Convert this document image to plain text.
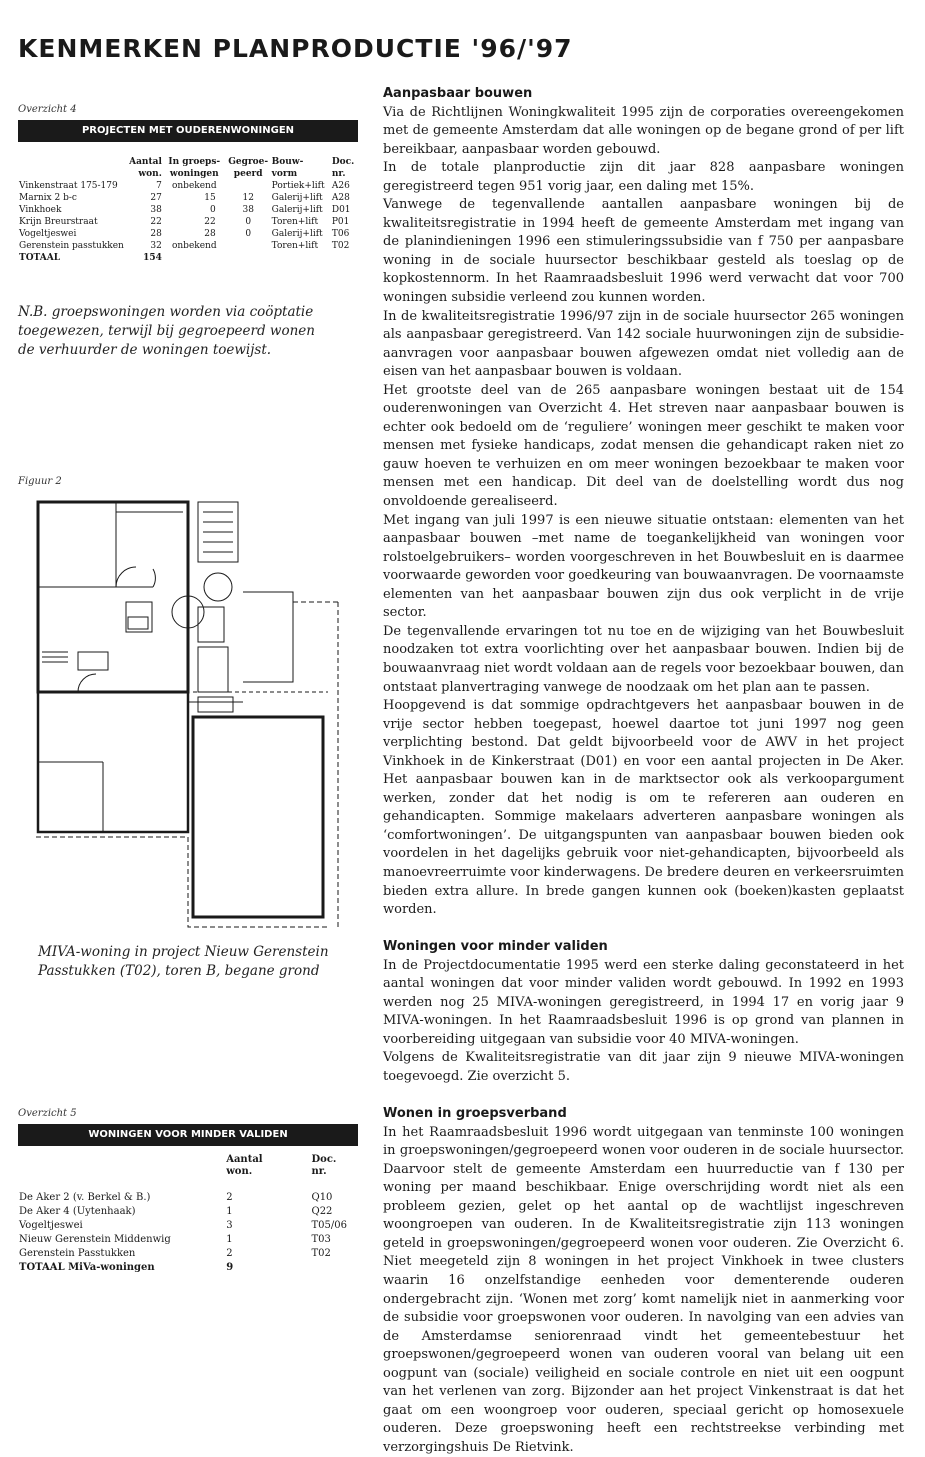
KENMERKEN PLANPRODUCTIE '96/'97
Overzicht 4
PROJECTEN MET OUDERENWONINGEN
	Aantal	In groeps-	Gegroe-	Bouw-	Doc.
	won.	woningen	peerd	vorm	nr.
Vinkenstraat 175-179	7	onbekend		Portiek+lift	A26
Marnix 2 b-c	27	15	12	Galerij+lift	A28
Vinkhoek	38	0	38	Galerij+lift	D01
Krijn Breurstraat	22	22	0	Toren+lift	P01
Vogeltjeswei	28	28	0	Galerij+lift	T06
Gerenstein passtukken	32	onbekend		Toren+lift	T02
TOTAAL	154				
N.B. groepswoningen worden via coöptatie toegewezen, terwijl bij gegroepeerd wonen de verhuurder de woningen toewijst.
Figuur 2
MIVA-woning in project Nieuw Gerenstein Passtukken (T02), toren B, begane grond
Overzicht 5
WONINGEN VOOR MINDER VALIDEN
	Aantal	Doc.
	won.	nr.

De Aker 2 (v. Berkel & B.)	2	Q10
De Aker 4 (Uytenhaak)	1	Q22
Vogeltjeswei	3	T05/06
Nieuw Gerenstein Middenwig	1	T03
Gerenstein Passtukken	2	T02
TOTAAL MiVa-woningen	9	
Aanpasbaar bouwen

Via de Richtlijnen Woningkwaliteit 1995 zijn de corporaties overeengekomen met de gemeente Amsterdam dat alle woningen op de begane grond of per lift bereikbaar, aanpasbaar worden gebouwd.

In de totale planproductie zijn dit jaar 828 aanpasbare woningen geregistreerd tegen 951 vorig jaar, een daling met 15%.

Vanwege de tegenvallende aantallen aanpasbare woningen bij de kwaliteitsregistratie in 1994 heeft de gemeente Amsterdam met ingang van de planindieningen 1996 een stimuleringssubsidie van f 750 per aanpasbare woning in de sociale huursector beschikbaar gesteld als toeslag op de kopkostennorm. In het Raamraadsbesluit 1996 werd verwacht dat voor 700 woningen subsidie verleend zou kunnen worden.

In de kwaliteitsregistratie 1996/97 zijn in de sociale huursector 265 woningen als aanpasbaar geregistreerd. Van 142 sociale huurwoningen zijn de subsidie-aanvragen voor aanpasbaar bouwen afgewezen omdat niet volledig aan de eisen van het aanpasbaar bouwen is voldaan.

Het grootste deel van de 265 aanpasbare woningen bestaat uit de 154 ouderenwoningen van Overzicht 4. Het streven naar aanpasbaar bouwen is echter ook bedoeld om de ‘reguliere’ woningen meer geschikt te maken voor mensen met fysieke handicaps, zodat mensen die gehandicapt raken niet zo gauw hoeven te verhuizen en om meer woningen bezoekbaar te maken voor mensen met een handicap. Dit deel van de doelstelling wordt dus nog onvoldoende gerealiseerd.

Met ingang van juli 1997 is een nieuwe situatie ontstaan: elementen van het aanpasbaar bouwen –met name de toegankelijkheid van woningen voor rolstoelgebruikers– worden voorgeschreven in het Bouwbesluit en is daarmee voorwaarde geworden voor goedkeuring van bouwaanvragen. De voornaamste elementen van het aanpasbaar bouwen zijn dus ook verplicht in de vrije sector.

De tegenvallende ervaringen tot nu toe en de wijziging van het Bouwbesluit noodzaken tot extra voorlichting over het aanpasbaar bouwen. Indien bij de bouwaanvraag niet wordt voldaan aan de regels voor bezoekbaar bouwen, dan ontstaat planvertraging vanwege de noodzaak om het plan aan te passen.

Hoopgevend is dat sommige opdrachtgevers het aanpasbaar bouwen in de vrije sector hebben toegepast, hoewel daartoe tot juni 1997 nog geen verplichting bestond. Dat geldt bijvoorbeeld voor de AWV in het project Vinkhoek in de Kinkerstraat (D01) en voor een aantal projecten in De Aker. Het aanpasbaar bouwen kan in de marktsector ook als verkoopargument werken, zonder dat het nodig is om te refereren aan ouderen en gehandicapten. Sommige makelaars adverteren aanpasbare woningen als ‘comfortwoningen’. De uitgangspunten van aanpasbaar bouwen bieden ook voordelen in het dagelijks gebruik voor niet-gehandicapten, bijvoorbeeld als manoevreerruimte voor kinderwagens. De bredere deuren en verkeersruimten bieden extra allure. In brede gangen kunnen ook (boeken)kasten geplaatst worden.

Woningen voor minder validen

In de Projectdocumentatie 1995 werd een sterke daling geconstateerd in het aantal woningen dat voor minder validen wordt gebouwd. In 1992 en 1993 werden nog 25 MIVA-woningen geregistreerd, in 1994 17 en vorig jaar 9 MIVA-woningen. In het Raamraadsbesluit 1996 is op grond van plannen in voorbereiding uitgegaan van subsidie voor 40 MIVA-woningen.

Volgens de Kwaliteitsregistratie van dit jaar zijn 9 nieuwe MIVA-woningen toegevoegd. Zie overzicht 5.

Wonen in groepsverband

In het Raamraadsbesluit 1996 wordt uitgegaan van tenminste 100 woningen in groepswoningen/gegroepeerd wonen voor ouderen in de sociale huursector. Daarvoor stelt de gemeente Amsterdam een huurreductie van f 130 per woning per maand beschikbaar. Enige overschrijding wordt niet als een probleem gezien, gelet op het aantal op de wachtlijst ingeschreven woongroepen van ouderen. In de Kwaliteitsregistratie zijn 113 woningen geteld in groepswoningen/gegroepeerd wonen voor ouderen. Zie Overzicht 6. Niet meegeteld zijn 8 woningen in het project Vinkhoek in twee clusters waarin 16 onzelfstandige eenheden voor dementerende ouderen ondergebracht zijn. ‘Wonen met zorg’ komt namelijk niet in aanmerking voor de subsidie voor groepswonen voor ouderen. In navolging van een advies van de Amsterdamse seniorenraad vindt het gemeentebestuur het groepswonen/gegroepeerd wonen van ouderen vooral van belang uit een oogpunt van (sociale) veiligheid en sociale controle en niet uit een oogpunt van het verlenen van zorg. Bijzonder aan het project Vinkenstraat is dat het gaat om een woongroep voor ouderen, speciaal gericht op homosexuele ouderen. Deze groepswoning heeft een rechtstreekse verbinding met verzorgingshuis De Rietvink.
